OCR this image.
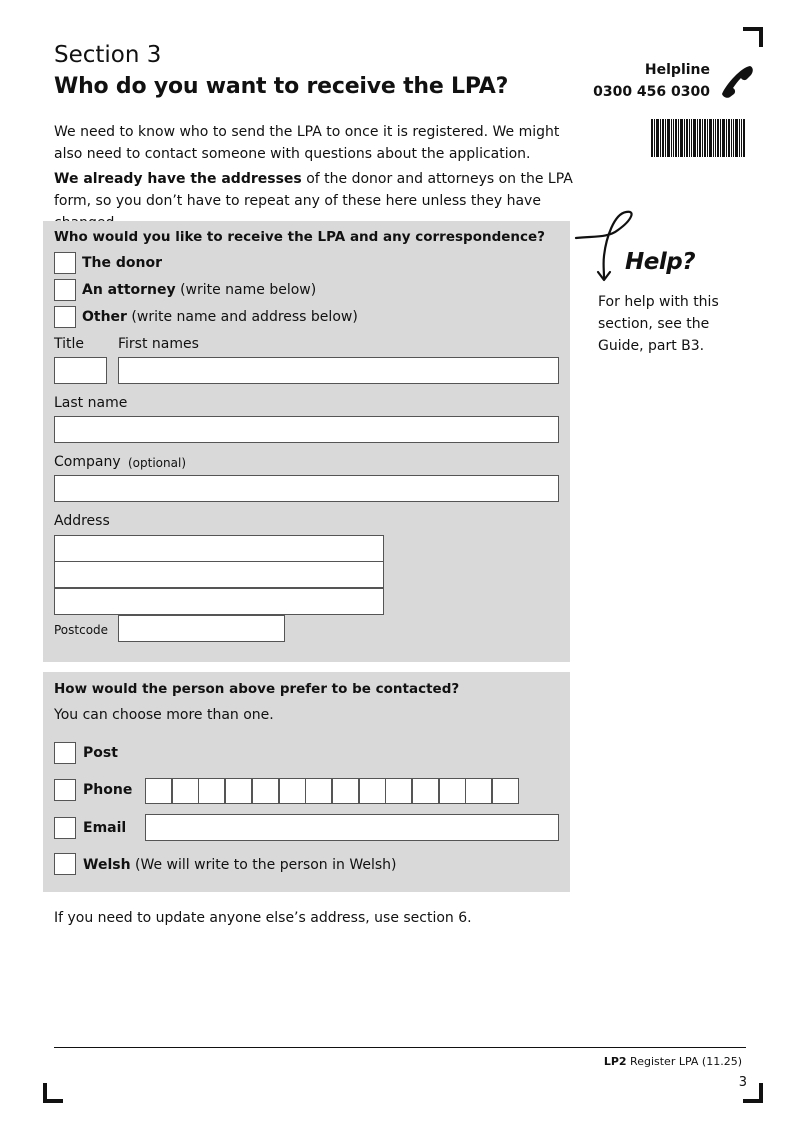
Section 3
Who do you want to receive the LPA?
Helpline
0300 456 0300
We need to know who to send the LPA to once it is registered. We might also need to contact someone with questions about the application.
We already have the addresses of the donor and attorneys on the LPA form, so you don’t have to repeat any of these here unless they have
Who would you like to receive the LPA and any correspondence?
The donor
An attorney (write name below)
Other (write name and address below)
Title First names
Last name
Company (optional)
Address
Postcode
How would the person above prefer to be contacted?
You can choose more than one.
Post
Phone
Email
Welsh (We will write to the person in Welsh)
Help?
For help with this section, see the Guide, part B3.
If you need to update anyone else’s address, use section 6.
LP2 Register LPA (11.25)
3
